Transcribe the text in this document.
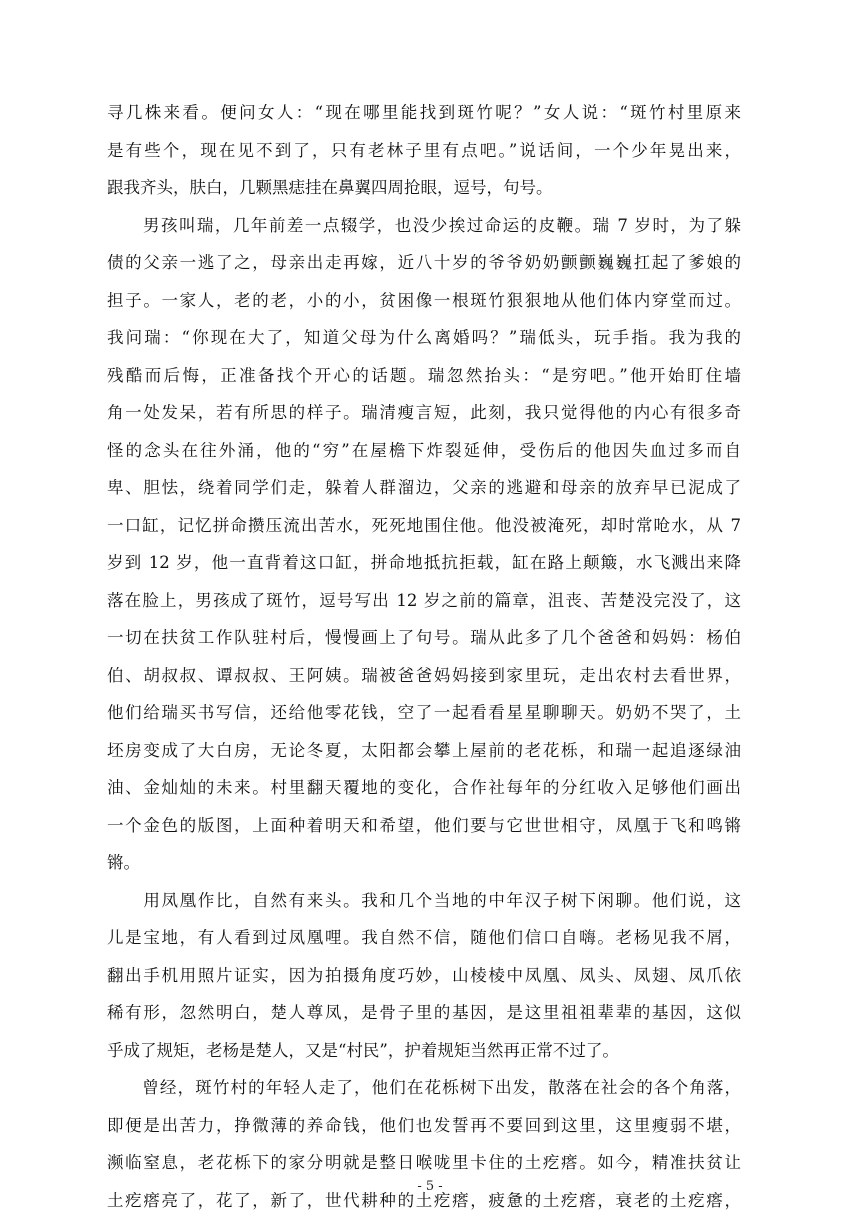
寻几株来看。便问女人：“现在哪里能找到斑竹呢？”女人说：“斑竹村里原来
是有些个，现在见不到了，只有老林子里有点吧。”说话间，一个少年晃出来，
跟我齐头，肤白，几颗黑痣挂在鼻翼四周抢眼，逗号，句号。
　　男孩叫瑞，几年前差一点辍学，也没少挨过命运的皮鞭。瑞 7 岁时，为了躲
债的父亲一逃了之，母亲出走再嫁，近八十岁的爷爷奶奶颤颤巍巍扛起了爹娘的
担子。一家人，老的老，小的小，贫困像一根斑竹狠狠地从他们体内穿堂而过。
我问瑞：“你现在大了，知道父母为什么离婚吗？”瑞低头，玩手指。我为我的
残酷而后悔，正准备找个开心的话题。瑞忽然抬头：“是穷吧。”他开始盯住墙
角一处发呆，若有所思的样子。瑞清瘦言短，此刻，我只觉得他的内心有很多奇
怪的念头在往外涌，他的“穷”在屋檐下炸裂延伸，受伤后的他因失血过多而自
卑、胆怯，绕着同学们走，躲着人群溜边，父亲的逃避和母亲的放弃早已泥成了
一口缸，记忆拼命攒压流出苦水，死死地围住他。他没被淹死，却时常呛水，从 7
岁到 12 岁，他一直背着这口缸，拼命地抵抗拒载，缸在路上颠簸，水飞溅出来降
落在脸上，男孩成了斑竹，逗号写出 12 岁之前的篇章，沮丧、苦楚没完没了，这
一切在扶贫工作队驻村后，慢慢画上了句号。瑞从此多了几个爸爸和妈妈：杨伯
伯、胡叔叔、谭叔叔、王阿姨。瑞被爸爸妈妈接到家里玩，走出农村去看世界，
他们给瑞买书写信，还给他零花钱，空了一起看看星星聊聊天。奶奶不哭了，土
坯房变成了大白房，无论冬夏，太阳都会攀上屋前的老花栎，和瑞一起追逐绿油
油、金灿灿的未来。村里翻天覆地的变化，合作社每年的分红收入足够他们画出
一个金色的版图，上面种着明天和希望，他们要与它世世相守，凤凰于飞和鸣锵
锵。
　　用凤凰作比，自然有来头。我和几个当地的中年汉子树下闲聊。他们说，这
儿是宝地，有人看到过凤凰哩。我自然不信，随他们信口自嗨。老杨见我不屑，
翻出手机用照片证实，因为拍摄角度巧妙，山棱棱中凤凰、凤头、凤翅、凤爪依
稀有形，忽然明白，楚人尊凤，是骨子里的基因，是这里祖祖辈辈的基因，这似
乎成了规矩，老杨是楚人，又是“村民”，护着规矩当然再正常不过了。
　　曾经，斑竹村的年轻人走了，他们在花栎树下出发，散落在社会的各个角落，
即便是出苦力，挣微薄的养命钱，他们也发誓再不要回到这里，这里瘦弱不堪，
濒临窒息，老花栎下的家分明就是整日喉咙里卡住的土疙瘩。如今，精准扶贫让
土疙瘩亮了，花了，新了，世代耕种的土疙瘩，疲惫的土疙瘩，衰老的土疙瘩，
- 5 -
